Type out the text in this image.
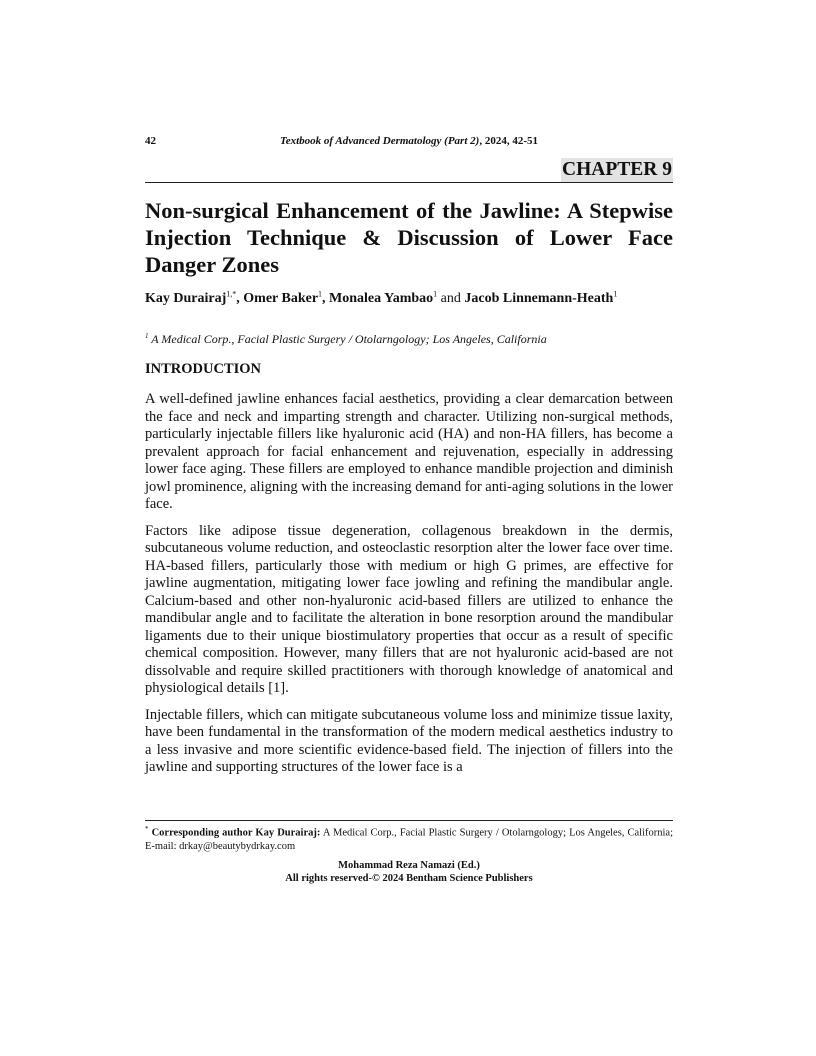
42	Textbook of Advanced Dermatology (Part 2), 2024, 42-51
CHAPTER 9
Non-surgical Enhancement of the Jawline: A Stepwise Injection Technique & Discussion of Lower Face Danger Zones

Kay Durairaj$^{1,*}$, Omer Baker$^1$, Monalea Yambao$^1$ and Jacob Linnemann-Heath$^1$

$^1$ A Medical Corp., Facial Plastic Surgery / Otolarngology; Los Angeles, California

INTRODUCTION

A well-defined jawline enhances facial aesthetics, providing a clear demarcation between the face and neck and imparting strength and character. Utilizing non-surgical methods, particularly injectable fillers like hyaluronic acid (HA) and non-HA fillers, has become a prevalent approach for facial enhancement and rejuvenation, especially in addressing lower face aging. These fillers are employed to enhance mandible projection and diminish jowl prominence, aligning with the increasing demand for anti-aging solutions in the lower face.

Factors like adipose tissue degeneration, collagenous breakdown in the dermis, subcutaneous volume reduction, and osteoclastic resorption alter the lower face over time. HA-based fillers, particularly those with medium or high G primes, are effective for jawline augmentation, mitigating lower face jowling and refining the mandibular angle. Calcium-based and other non-hyaluronic acid-based fillers are utilized to enhance the mandibular angle and to facilitate the alteration in bone resorption around the mandibular ligaments due to their unique biostimulatory properties that occur as a result of specific chemical composition. However, many fillers that are not hyaluronic acid-based are not dissolvable and require skilled practitioners with thorough knowledge of anatomical and physiological details [1].

Injectable fillers, which can mitigate subcutaneous volume loss and minimize tissue laxity, have been fundamental in the transformation of the modern medical aesthetics industry to a less invasive and more scientific evidence-based field. The injection of fillers into the jawline and supporting structures of the lower face is a

* Corresponding author Kay Durairaj: A Medical Corp., Facial Plastic Surgery / Otolarngology; Los Angeles, California; E-mail: drkay@beautybydrkay.com

Mohammad Reza Namazi (Ed.)
All rights reserved-© 2024 Bentham Science Publishers
